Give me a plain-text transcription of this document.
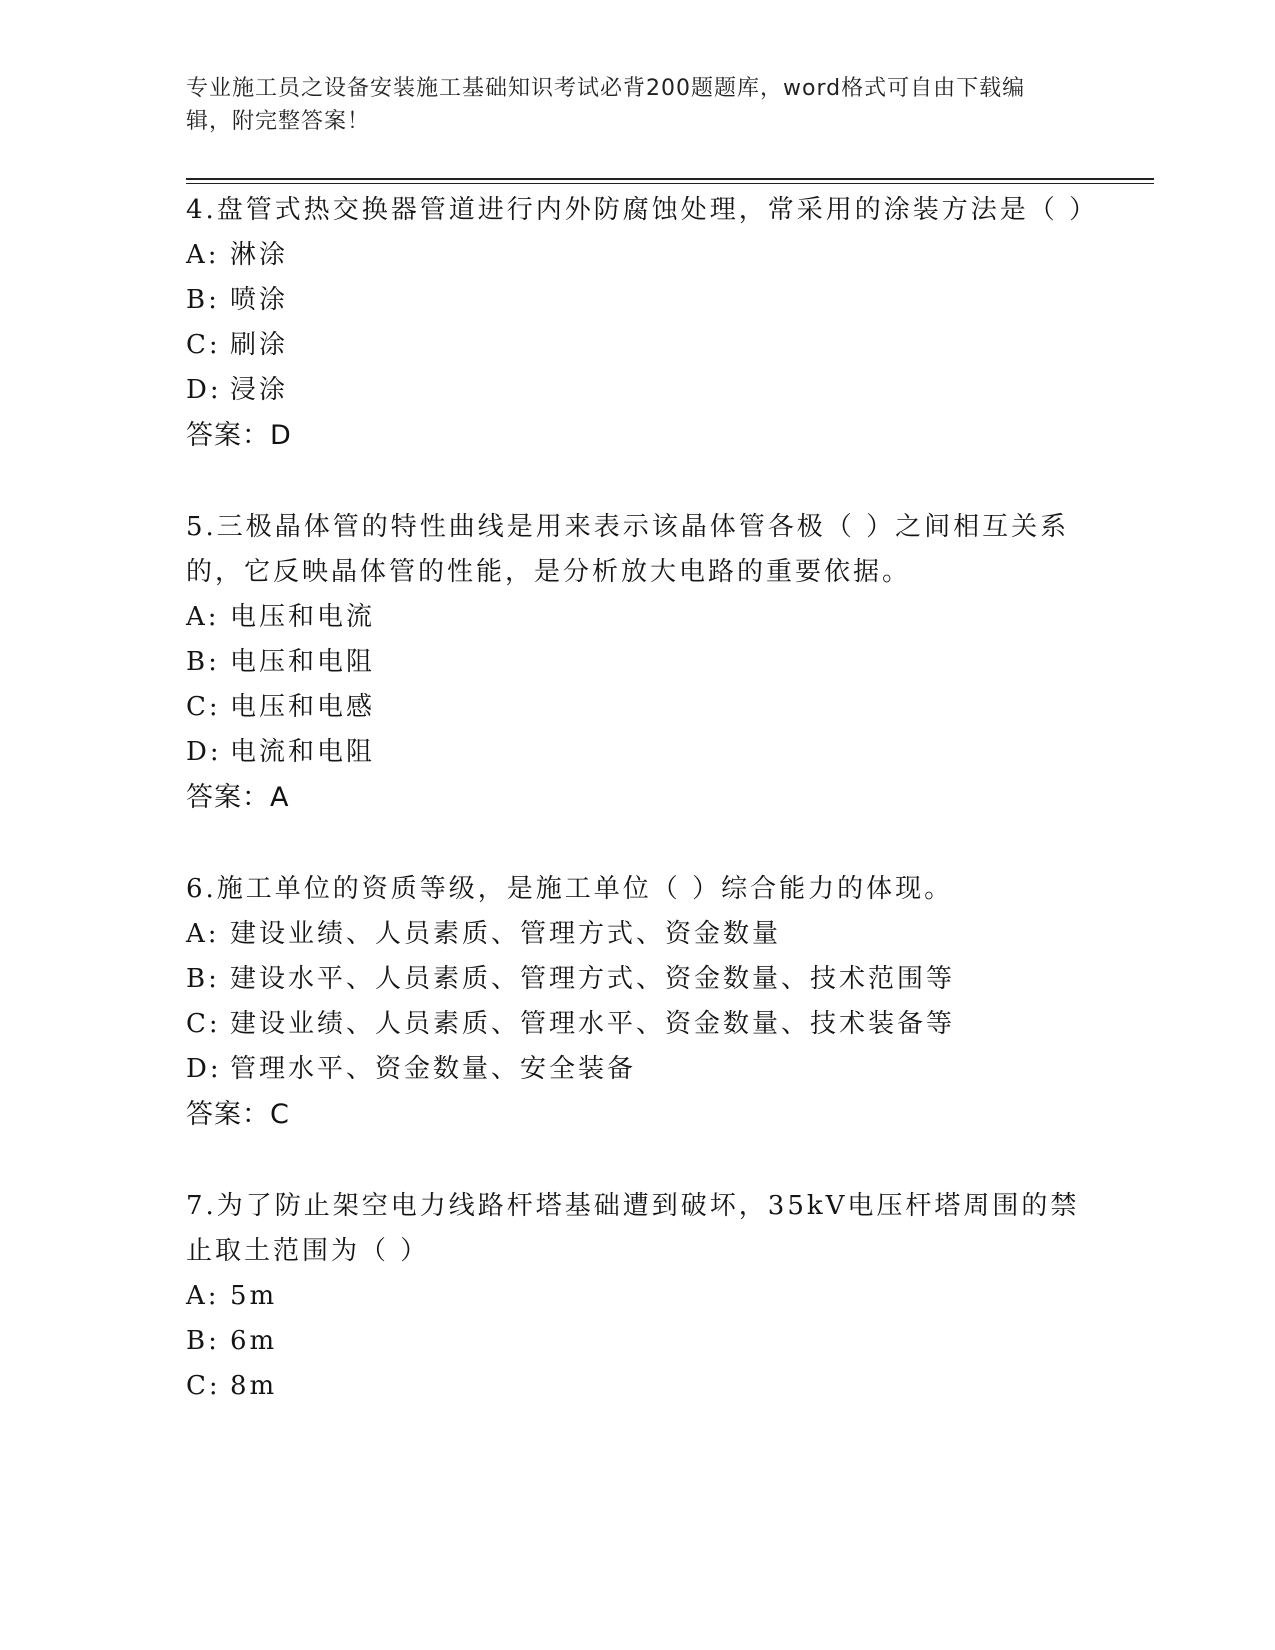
专业施工员之设备安装施工基础知识考试必背200题题库，word格式可自由下载编辑，附完整答案！

4.盘管式热交换器管道进行内外防腐蚀处理，常采用的涂装方法是（ ）

A: 淋涂
B: 喷涂
C: 刷涂
D: 浸涂
答案：D

5.三极晶体管的特性曲线是用来表示该晶体管各极（ ）之间相互关系的，它反映晶体管的性能，是分析放大电路的重要依据。

A: 电压和电流
B: 电压和电阻
C: 电压和电感
D: 电流和电阻
答案：A

6.施工单位的资质等级，是施工单位（ ）综合能力的体现。

A: 建设业绩、人员素质、管理方式、资金数量
B: 建设水平、人员素质、管理方式、资金数量、技术范围等
C: 建设业绩、人员素质、管理水平、资金数量、技术装备等
D: 管理水平、资金数量、安全装备
答案：C

7.为了防止架空电力线路杆塔基础遭到破坏，35kV电压杆塔周围的禁止取土范围为（ ）

A: 5m
B: 6m
C: 8m
